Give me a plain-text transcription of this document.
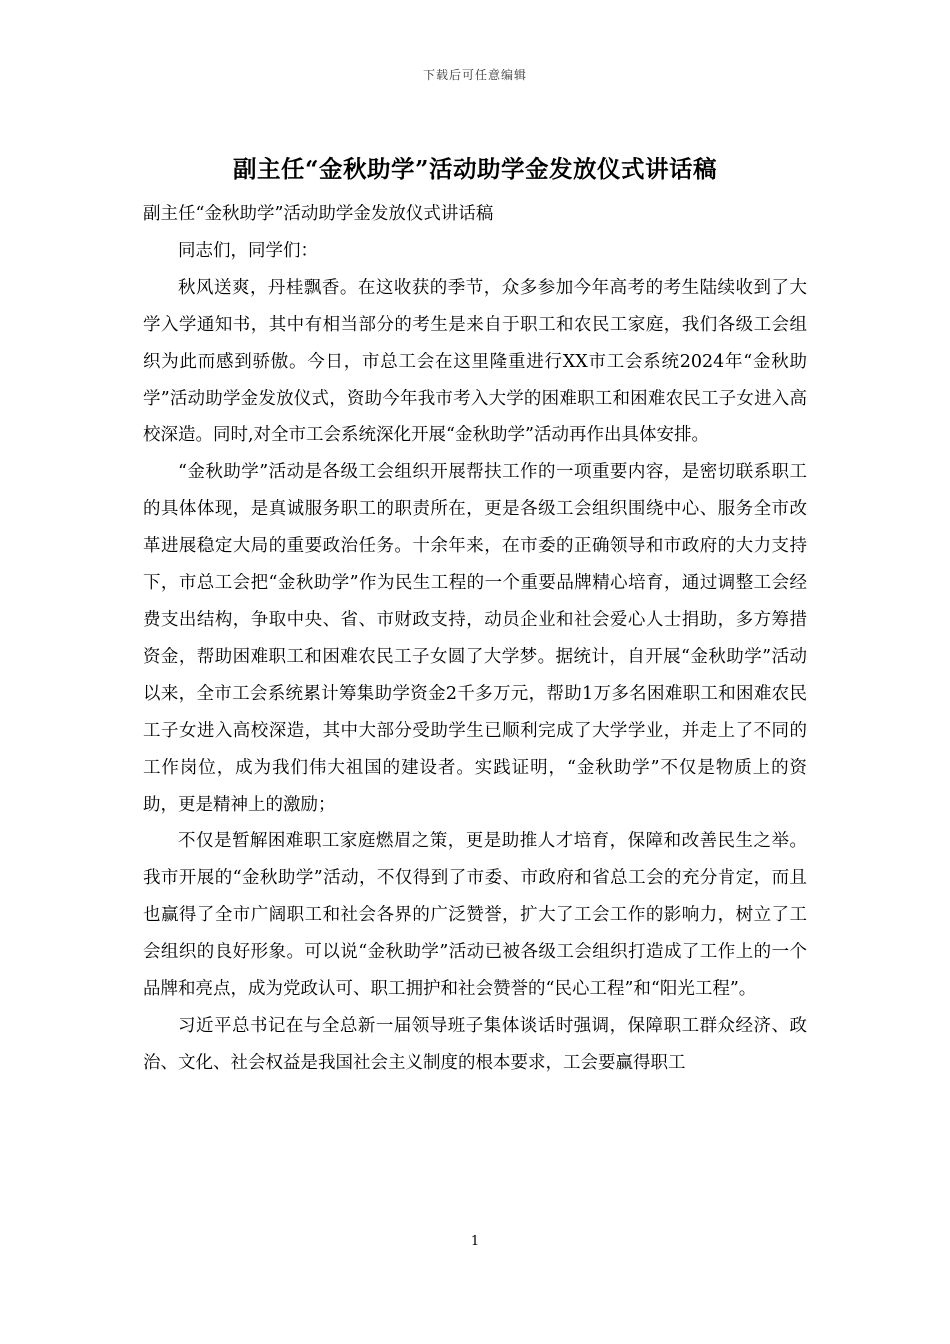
下载后可任意编辑
副主任“金秋助学”活动助学金发放仪式讲话稿

副主任“金秋助学”活动助学金发放仪式讲话稿

同志们，同学们：

秋风送爽，丹桂飘香。在这收获的季节，众多参加今年高考的考生陆续收到了大学入学通知书，其中有相当部分的考生是来自于职工和农民工家庭，我们各级工会组织为此而感到骄傲。今日，市总工会在这里隆重进行XX市工会系统2024年“金秋助学”活动助学金发放仪式，资助今年我市考入大学的困难职工和困难农民工子女进入高校深造。同时,对全市工会系统深化开展“金秋助学”活动再作出具体安排。

“金秋助学”活动是各级工会组织开展帮扶工作的一项重要内容，是密切联系职工的具体体现，是真诚服务职工的职责所在，更是各级工会组织围绕中心、服务全市改革进展稳定大局的重要政治任务。十余年来，在市委的正确领导和市政府的大力支持下，市总工会把“金秋助学”作为民生工程的一个重要品牌精心培育，通过调整工会经费支出结构，争取中央、省、市财政支持，动员企业和社会爱心人士捐助，多方筹措资金，帮助困难职工和困难农民工子女圆了大学梦。据统计，自开展“金秋助学”活动以来，全市工会系统累计筹集助学资金2千多万元，帮助1万多名困难职工和困难农民工子女进入高校深造，其中大部分受助学生已顺利完成了大学学业，并走上了不同的工作岗位，成为我们伟大祖国的建设者。实践证明，“金秋助学”不仅是物质上的资助，更是精神上的激励；

不仅是暂解困难职工家庭燃眉之策，更是助推人才培育，保障和改善民生之举。我市开展的“金秋助学”活动，不仅得到了市委、市政府和省总工会的充分肯定，而且也赢得了全市广阔职工和社会各界的广泛赞誉，扩大了工会工作的影响力，树立了工会组织的良好形象。可以说“金秋助学”活动已被各级工会组织打造成了工作上的一个品牌和亮点，成为党政认可、职工拥护和社会赞誉的“民心工程”和“阳光工程”。

习近平总书记在与全总新一届领导班子集体谈话时强调，保障职工群众经济、政治、文化、社会权益是我国社会主义制度的根本要求，工会要赢得职工

1
